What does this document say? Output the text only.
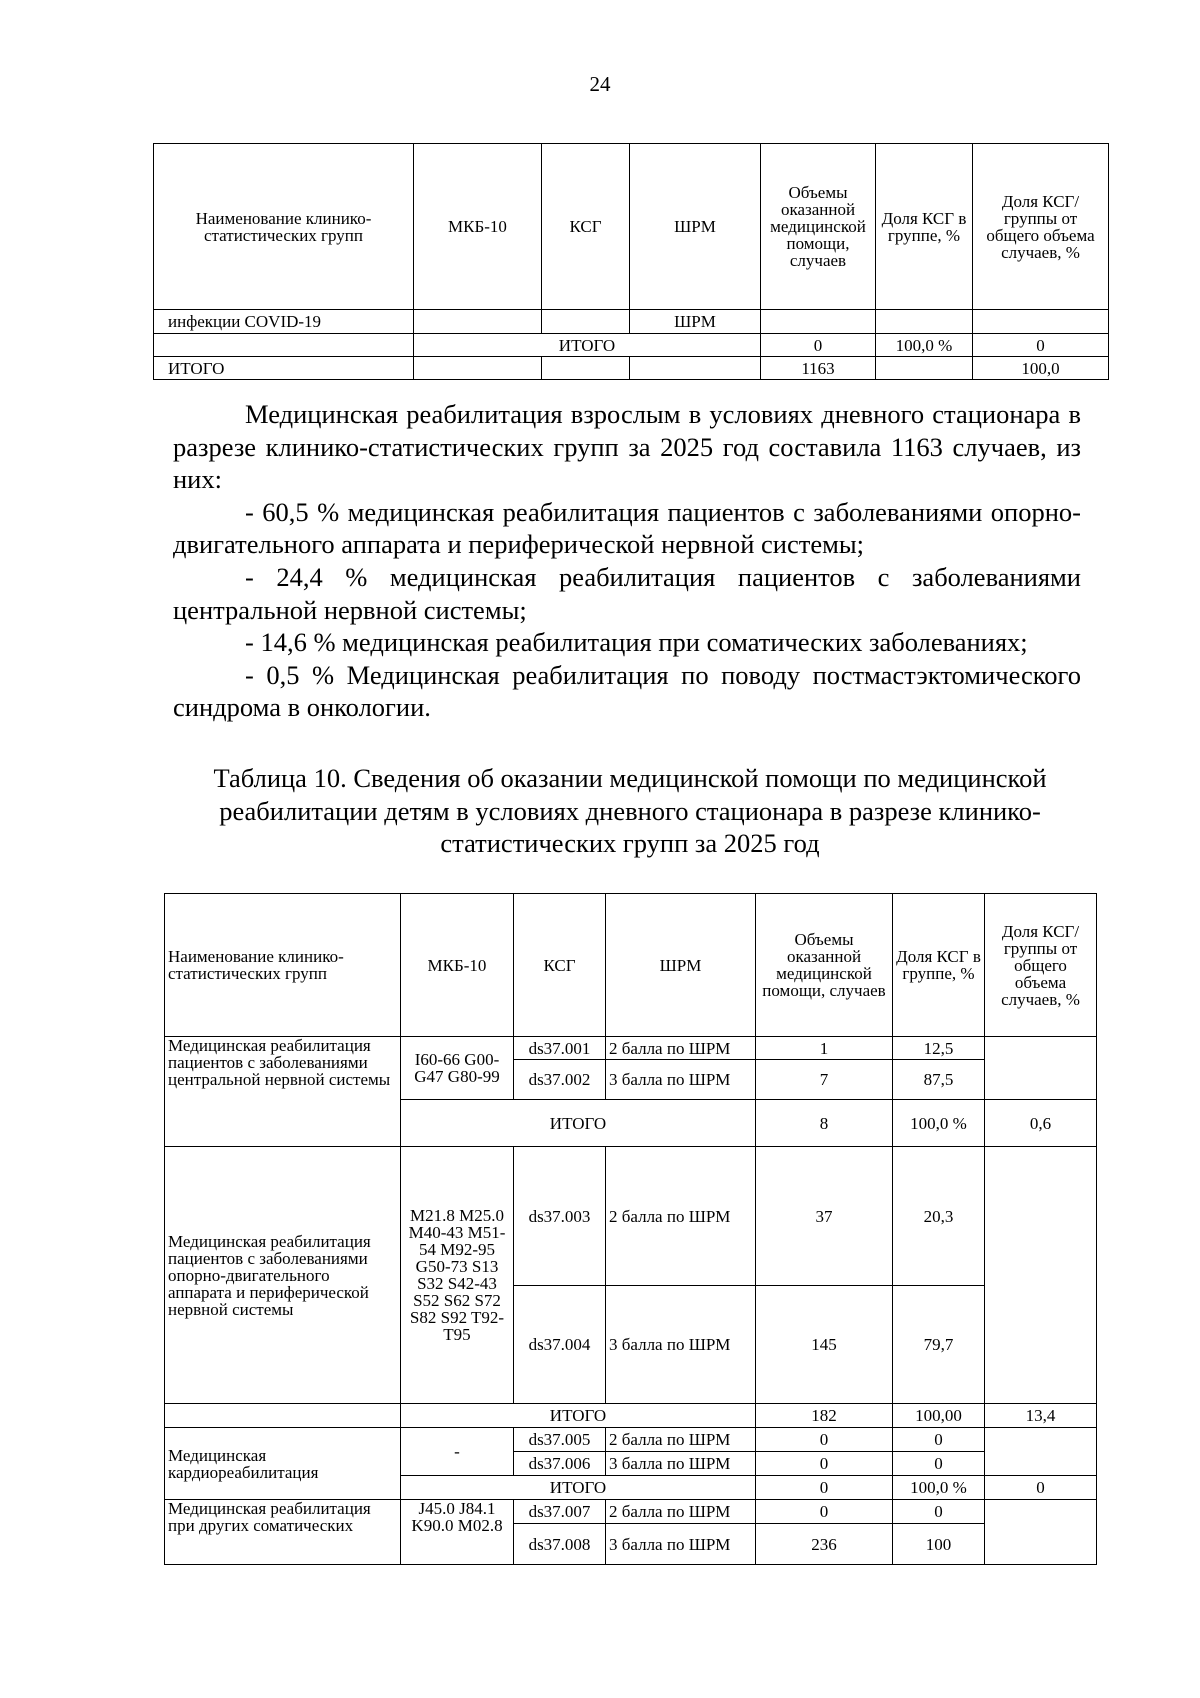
24
Наименование клинико-статистических групп	МКБ-10	КСГ	ШРМ	Объемы оказанной медицинской помощи, случаев	Доля КСГ в группе, %	Доля КСГ/группы от общего объема случаев, %
инфекции COVID-19			ШРМ			
	ИТОГО			0	100,0 %	0
ИТОГО				1163		100,0

Медицинская реабилитация взрослым в условиях дневного стационара в разрезе клинико-статистических групп за 2025 год составила 1163 случаев, из них:

- 60,5 % медицинская реабилитация пациентов с заболеваниями опорно-двигательного аппарата и периферической нервной системы;

- 24,4 % медицинская реабилитация пациентов с заболеваниями центральной нервной системы;

- 14,6 % медицинская реабилитация при соматических заболеваниях;

- 0,5 % Медицинская реабилитация по поводу постмастэктомического синдрома в онкологии.

Таблица 10. Сведения об оказании медицинской помощи по медицинской реабилитации детям в условиях дневного стационара в разрезе клинико-статистических групп за 2025 год
Наименование клинико-статистических групп	МКБ-10	КСГ	ШРМ	Объемы оказанной медицинской помощи, случаев	Доля КСГ в группе, %	Доля КСГ/группы от общего объема случаев, %
Медицинская реабилитация пациентов с заболеваниями центральной нервной системы	I60-66 G00-G47 G80-99	ds37.001	2 балла по ШРМ	1	12,5	
		ds37.002	3 балла по ШРМ	7	87,5	
	ИТОГО			8	100,0 %	0,6
Медицинская реабилитация пациентов с заболеваниями опорно-двигательного аппарата и периферической нервной системы	M21.8 M25.0 M40-43 M51-54 M92-95 G50-73 S13 S32 S42-43 S52 S62 S72 S82 S92 T92-T95	ds37.003	2 балла по ШРМ	37	20,3	
		ds37.004	3 балла по ШРМ	145	79,7	
	ИТОГО			182	100,00	13,4
Медицинская кардиореабилитация	-	ds37.005	2 балла по ШРМ	0	0	
		ds37.006	3 балла по ШРМ	0	0	
	ИТОГО			0	100,0 %	0
Медицинская реабилитация при других соматических	J45.0 J84.1 K90.0 M02.8	ds37.007	2 балла по ШРМ	0	0	
		ds37.008	3 балла по ШРМ	236	100	
